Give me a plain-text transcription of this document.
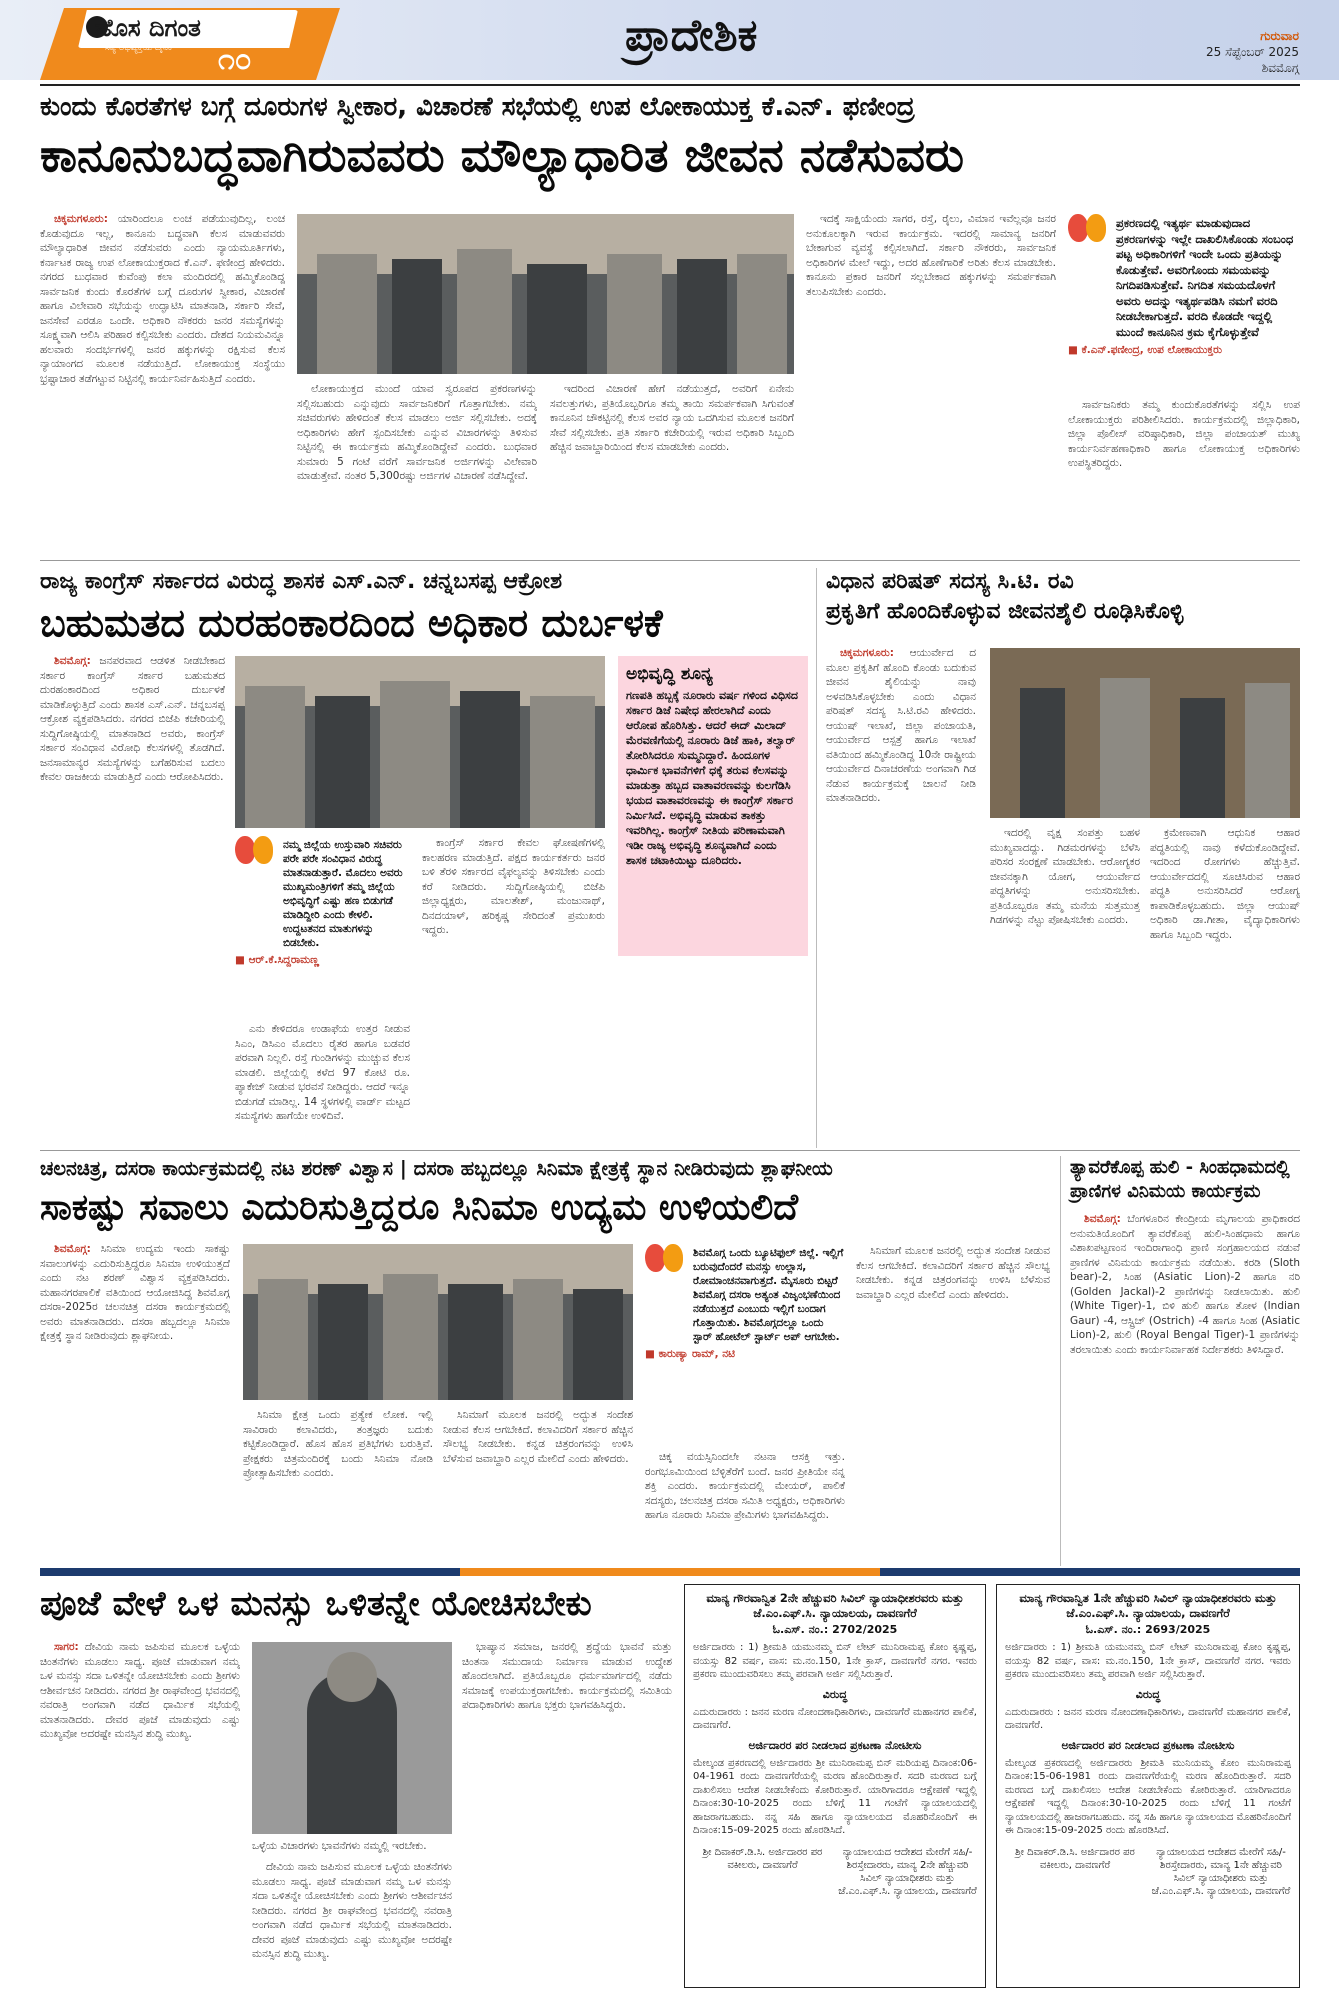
ಹೊಸ ದಿಗಂತ
ಸತ್ಯ ಅಭಿವ್ಯಕ್ತಿಯ ದೈನಿಕ ೧೦	ಪ್ರಾದೇಶಿಕ	ಗುರುವಾರ
25 ಸೆಪ್ಟೆಂಬರ್ 2025
ಶಿವಮೊಗ್ಗ
ಕುಂದು ಕೊರತೆಗಳ ಬಗ್ಗೆ ದೂರುಗಳ ಸ್ವೀಕಾರ, ವಿಚಾರಣೆ ಸಭೆಯಲ್ಲಿ ಉಪ ಲೋಕಾಯುಕ್ತ ಕೆ.ಎನ್. ಫಣೀಂದ್ರ
ಕಾನೂನುಬದ್ಧವಾಗಿರುವವರು ಮೌಲ್ಯಾಧಾರಿತ ಜೀವನ ನಡೆಸುವರು

ಚಿಕ್ಕಮಗಳೂರು: ಯಾರಿಂದಲೂ ಲಂಚ ಪಡೆಯುವುದಿಲ್ಲ, ಲಂಚ ಕೊಡುವುದೂ ಇಲ್ಲ, ಕಾನೂನು ಬದ್ಧವಾಗಿ ಕೆಲಸ ಮಾಡುವವರು ಮೌಲ್ಯಾಧಾರಿತ ಜೀವನ ನಡೆಸುವರು ಎಂದು ನ್ಯಾಯಮೂರ್ತಿಗಳು, ಕರ್ನಾಟಕ ರಾಜ್ಯ ಉಪ ಲೋಕಾಯುಕ್ತರಾದ ಕೆ.ಎನ್. ಫಣೀಂದ್ರ ಹೇಳಿದರು. ನಗರದ ಬುಧವಾರ ಕುವೆಂಪು ಕಲಾ ಮಂದಿರದಲ್ಲಿ ಹಮ್ಮಿಕೊಂಡಿದ್ದ ಸಾರ್ವಜನಿಕ ಕುಂದು ಕೊರತೆಗಳ ಬಗ್ಗೆ ದೂರುಗಳ ಸ್ವೀಕಾರ, ವಿಚಾರಣೆ ಹಾಗೂ ವಿಲೇವಾರಿ ಸಭೆಯನ್ನು ಉದ್ಘಾಟಿಸಿ ಮಾತನಾಡಿ, ಸರ್ಕಾರಿ ಸೇವೆ, ಜನಸೇವೆ ಎರಡೂ ಒಂದೇ. ಅಧಿಕಾರಿ ನೌಕರರು ಜನರ ಸಮಸ್ಯೆಗಳನ್ನು ಸೂಕ್ಷ್ಮವಾಗಿ ಆಲಿಸಿ ಪರಿಹಾರ ಕಲ್ಪಿಸಬೇಕು ಎಂದರು. ದೇಶದ ನಿಯಮವಿನ್ನೂ ಹಲವಾರು ಸಂದರ್ಭಗಳಲ್ಲಿ ಜನರ ಹಕ್ಕುಗಳನ್ನು ರಕ್ಷಿಸುವ ಕೆಲಸ ನ್ಯಾಯಾಂಗದ ಮೂಲಕ ನಡೆಯುತ್ತಿದೆ. ಲೋಕಾಯುಕ್ತ ಸಂಸ್ಥೆಯು ಭ್ರಷ್ಟಾಚಾರ ತಡೆಗಟ್ಟುವ ನಿಟ್ಟಿನಲ್ಲಿ ಕಾರ್ಯನಿರ್ವಹಿಸುತ್ತಿದೆ ಎಂದರು.

ಲೋಕಾಯುಕ್ತದ ಮುಂದೆ ಯಾವ ಸ್ವರೂಪದ ಪ್ರಕರಣಗಳನ್ನು ಸಲ್ಲಿಸಬಹುದು ಎನ್ನುವುದು ಸಾರ್ವಜನಿಕರಿಗೆ ಗೊತ್ತಾಗಬೇಕು. ನಮ್ಮ ಸಚಿವರುಗಳು ಹೇಳಿದಂತೆ ಕೆಲಸ ಮಾಡಲು ಅರ್ಜಿ ಸಲ್ಲಿಸಬೇಕು. ಅದಕ್ಕೆ ಅಧಿಕಾರಿಗಳು ಹೇಗೆ ಸ್ಪಂದಿಸಬೇಕು ಎನ್ನುವ ವಿಚಾರಗಳನ್ನು ತಿಳಿಸುವ ನಿಟ್ಟಿನಲ್ಲಿ ಈ ಕಾರ್ಯಕ್ರಮ ಹಮ್ಮಿಕೊಂಡಿದ್ದೇವೆ ಎಂದರು. ಬುಧವಾರ ಸುಮಾರು 5 ಗಂಟೆ ವರೆಗೆ ಸಾರ್ವಜನಿಕ ಅರ್ಜಿಗಳನ್ನು ವಿಲೇವಾರಿ ಮಾಡುತ್ತೇವೆ. ನಂತರ 5,300ರಷ್ಟು ಅರ್ಜಿಗಳ ವಿಚಾರಣೆ ನಡೆಸಿದ್ದೇವೆ.

ಇದರಿಂದ ವಿಚಾರಣೆ ಹೇಗೆ ನಡೆಯುತ್ತದೆ, ಅವರಿಗೆ ಏನೇನು ಸವಲತ್ತುಗಳು, ಪ್ರತಿಯೊಬ್ಬರಿಗೂ ತಮ್ಮ ತಾಯಿ ಸಮರ್ಪಕವಾಗಿ ಸಿಗುವಂತೆ ಕಾನೂನಿನ ಚೌಕಟ್ಟಿನಲ್ಲಿ ಕೆಲಸ ಅವರ ನ್ಯಾಯ ಒದಗಿಸುವ ಮೂಲಕ ಜನರಿಗೆ ಸೇವೆ ಸಲ್ಲಿಸಬೇಕು. ಪ್ರತಿ ಸರ್ಕಾರಿ ಕಚೇರಿಯಲ್ಲಿ ಇರುವ ಅಧಿಕಾರಿ ಸಿಬ್ಬಂದಿ ಹೆಚ್ಚಿನ ಜವಾಬ್ದಾರಿಯಿಂದ ಕೆಲಸ ಮಾಡಬೇಕು ಎಂದರು.

ಇದಕ್ಕೆ ಸಾಕ್ಷಿಯೆಂದು ಸಾಗರ, ರಸ್ತೆ, ರೈಲು, ವಿಮಾನ ಇವೆಲ್ಲವೂ ಜನರ ಅನುಕೂಲಕ್ಕಾಗಿ ಇರುವ ಕಾರ್ಯಕ್ರಮ. ಇದರಲ್ಲಿ ಸಾಮಾನ್ಯ ಜನರಿಗೆ ಬೇಕಾಗುವ ವ್ಯವಸ್ಥೆ ಕಲ್ಪಿಸಲಾಗಿದೆ. ಸರ್ಕಾರಿ ನೌಕರರು, ಸಾರ್ವಜನಿಕ ಅಧಿಕಾರಿಗಳ ಮೇಲೆ ಇದ್ದು, ಅದರ ಹೊಣೆಗಾರಿಕೆ ಅರಿತು ಕೆಲಸ ಮಾಡಬೇಕು. ಕಾನೂನು ಪ್ರಕಾರ ಜನರಿಗೆ ಸಲ್ಲಬೇಕಾದ ಹಕ್ಕುಗಳನ್ನು ಸಮರ್ಪಕವಾಗಿ ತಲುಪಿಸಬೇಕು ಎಂದರು.

ಪ್ರಕರಣದಲ್ಲಿ ಇತ್ಯರ್ಥ ಮಾಡುವುದಾದ ಪ್ರಕರಣಗಳನ್ನು ಇಲ್ಲೇ ದಾಖಲಿಸಿಕೊಂಡು ಸಂಬಂಧ ಪಟ್ಟ ಅಧಿಕಾರಿಗಳಿಗೆ ಇಂದೇ ಒಂದು ಪ್ರತಿಯನ್ನು ಕೊಡುತ್ತೇವೆ. ಅವರಿಗೊಂದು ಸಮಯವನ್ನು ನಿಗದಿಪಡಿಸುತ್ತೇವೆ. ನಿಗದಿತ ಸಮಯದೊಳಗೆ ಅವರು ಅದನ್ನು ಇತ್ಯರ್ಥಪಡಿಸಿ ನಮಗೆ ವರದಿ ನೀಡಬೇಕಾಗುತ್ತದೆ. ವರದಿ ಕೊಡದೇ ಇದ್ದಲ್ಲಿ ಮುಂದೆ ಕಾನೂನಿನ ಕ್ರಮ ಕೈಗೊಳ್ಳುತ್ತೇವೆ
■ ಕೆ.ಎನ್.ಫಣೀಂದ್ರ, ಉಪ ಲೋಕಾಯುಕ್ತರು

ಸಾರ್ವಜನಿಕರು ತಮ್ಮ ಕುಂದುಕೊರತೆಗಳನ್ನು ಸಲ್ಲಿಸಿ ಉಪ ಲೋಕಾಯುಕ್ತರು ಪರಿಶೀಲಿಸಿದರು. ಕಾರ್ಯಕ್ರಮದಲ್ಲಿ ಜಿಲ್ಲಾಧಿಕಾರಿ, ಜಿಲ್ಲಾ ಪೊಲೀಸ್ ವರಿಷ್ಠಾಧಿಕಾರಿ, ಜಿಲ್ಲಾ ಪಂಚಾಯತ್ ಮುಖ್ಯ ಕಾರ್ಯನಿರ್ವಹಣಾಧಿಕಾರಿ ಹಾಗೂ ಲೋಕಾಯುಕ್ತ ಅಧಿಕಾರಿಗಳು ಉಪಸ್ಥಿತರಿದ್ದರು.

ರಾಜ್ಯ ಕಾಂಗ್ರೆಸ್ ಸರ್ಕಾರದ ವಿರುದ್ಧ ಶಾಸಕ ಎಸ್.ಎನ್. ಚನ್ನಬಸಪ್ಪ ಆಕ್ರೋಶ
ಬಹುಮತದ ದುರಹಂಕಾರದಿಂದ ಅಧಿಕಾರ ದುರ್ಬಳಕೆ

ಶಿವಮೊಗ್ಗ: ಜನಪರವಾದ ಆಡಳಿತ ನೀಡಬೇಕಾದ ಸರ್ಕಾರ ಕಾಂಗ್ರೆಸ್ ಸರ್ಕಾರ ಬಹುಮತದ ದುರಹಂಕಾರದಿಂದ ಅಧಿಕಾರ ದುರ್ಬಳಕೆ ಮಾಡಿಕೊಳ್ಳುತ್ತಿದೆ ಎಂದು ಶಾಸಕ ಎಸ್.ಎನ್. ಚನ್ನಬಸಪ್ಪ ಆಕ್ರೋಶ ವ್ಯಕ್ತಪಡಿಸಿದರು. ನಗರದ ಬಿಜೆಪಿ ಕಚೇರಿಯಲ್ಲಿ ಸುದ್ದಿಗೋಷ್ಠಿಯಲ್ಲಿ ಮಾತನಾಡಿದ ಅವರು, ಕಾಂಗ್ರೆಸ್ ಸರ್ಕಾರ ಸಂವಿಧಾನ ವಿರೋಧಿ ಕೆಲಸಗಳಲ್ಲಿ ತೊಡಗಿದೆ. ಜನಸಾಮಾನ್ಯರ ಸಮಸ್ಯೆಗಳನ್ನು ಬಗೆಹರಿಸುವ ಬದಲು ಕೇವಲ ರಾಜಕೀಯ ಮಾಡುತ್ತಿದೆ ಎಂದು ಆರೋಪಿಸಿದರು.

ನಮ್ಮ ಜಿಲ್ಲೆಯ ಉಸ್ತುವಾರಿ ಸಚಿವರು ಪರೇ ಪರೇ ಸಂವಿಧಾನ ವಿರುದ್ಧ ಮಾತನಾಡುತ್ತಾರೆ. ಮೊದಲು ಅವರು ಮುಖ್ಯಮಂತ್ರಿಗಳಿಗೆ ತಮ್ಮ ಜಿಲ್ಲೆಯ ಅಭಿವೃದ್ಧಿಗೆ ಎಷ್ಟು ಹಣ ಬಿಡುಗಡೆ ಮಾಡಿದ್ದೀರಿ ಎಂದು ಕೇಳಲಿ. ಉದ್ದಟತನದ ಮಾತುಗಳನ್ನು ಬಿಡಬೇಕು.
■ ಆರ್.ಕೆ.ಸಿದ್ದರಾಮಣ್ಣ

ಎನು ಕೇಳಿದರೂ ಉಡಾಫೆಯ ಉತ್ತರ ನೀಡುವ ಸಿಎಂ, ಡಿಸಿಎಂ ಮೊದಲು ರೈತರ ಹಾಗೂ ಬಡವರ ಪರವಾಗಿ ನಿಲ್ಲಲಿ. ರಸ್ತೆ ಗುಂಡಿಗಳನ್ನು ಮುಚ್ಚುವ ಕೆಲಸ ಮಾಡಲಿ. ಜಿಲ್ಲೆಯಲ್ಲಿ ಕಳೆದ 97 ಕೋಟಿ ರೂ. ಪ್ಯಾಕೇಜ್ ನೀಡುವ ಭರವಸೆ ನೀಡಿದ್ದರು. ಆದರೆ ಇನ್ನೂ ಬಿಡುಗಡೆ ಮಾಡಿಲ್ಲ. 14 ಸ್ಥಳಗಳಲ್ಲಿ ವಾರ್ಡ್ ಮಟ್ಟದ ಸಮಸ್ಯೆಗಳು ಹಾಗೆಯೇ ಉಳಿದಿವೆ.

ಕಾಂಗ್ರೆಸ್ ಸರ್ಕಾರ ಕೇವಲ ಘೋಷಣೆಗಳಲ್ಲಿ ಕಾಲಹರಣ ಮಾಡುತ್ತಿದೆ. ಪಕ್ಷದ ಕಾರ್ಯಕರ್ತರು ಜನರ ಬಳಿ ತೆರಳಿ ಸರ್ಕಾರದ ವೈಫಲ್ಯವನ್ನು ತಿಳಿಸಬೇಕು ಎಂದು ಕರೆ ನೀಡಿದರು. ಸುದ್ದಿಗೋಷ್ಠಿಯಲ್ಲಿ ಬಿಜೆಪಿ ಜಿಲ್ಲಾಧ್ಯಕ್ಷರು, ಮಾಲತೇಶ್, ಮಂಜುನಾಥ್, ದಿನದಯಾಳ್, ಹರಿಕೃಷ್ಣ ಸೇರಿದಂತೆ ಪ್ರಮುಖರು ಇದ್ದರು.

ಅಭಿವೃದ್ಧಿ ಶೂನ್ಯ
ಗಣಪತಿ ಹಬ್ಬಕ್ಕೆ ನೂರಾರು ವರ್ಷ ಗಳಿಂದ ವಿಧಿಸದ ಸರ್ಕಾರ ಡಿಜೆ ನಿಷೇಧ ಹೇರಲಾಗಿದೆ ಎಂದು ಆರೋಪ ಹೊರಿಸಿತ್ತು. ಆದರೆ ಈದ್ ಮಿಲಾದ್ ಮೆರವಣಿಗೆಯಲ್ಲಿ ನೂರಾರು ಡಿಜೆ ಹಾಕಿ, ತಲ್ವಾರ್ ತೋರಿಸಿದರೂ ಸುಮ್ಮನಿದ್ದಾರೆ. ಹಿಂದೂಗಳ ಧಾರ್ಮಿಕ ಭಾವನೆಗಳಿಗೆ ಧಕ್ಕೆ ತರುವ ಕೆಲಸವನ್ನು ಮಾಡುತ್ತಾ ಹಬ್ಬದ ವಾತಾವರಣವನ್ನು ಕುಲಗೆಡಿಸಿ ಭಯದ ವಾತಾವರಣವನ್ನು ಈ ಕಾಂಗ್ರೆಸ್ ಸರ್ಕಾರ ನಿರ್ಮಿಸಿದೆ. ಅಭಿವೃದ್ಧಿ ಮಾಡುವ ತಾಕತ್ತು ಇವರಿಗಿಲ್ಲ. ಕಾಂಗ್ರೆಸ್ ನೀತಿಯ ಪರಿಣಾಮವಾಗಿ ಇಡೀ ರಾಜ್ಯ ಅಭಿವೃದ್ಧಿ ಶೂನ್ಯವಾಗಿದೆ ಎಂದು ಶಾಸಕ ಚಟಾಕಿಯಿಟ್ಟು ದೂರಿದರು.
ವಿಧಾನ ಪರಿಷತ್ ಸದಸ್ಯ ಸಿ.ಟಿ. ರವಿ
ಪ್ರಕೃತಿಗೆ ಹೊಂದಿಕೊಳ್ಳುವ ಜೀವನಶೈಲಿ ರೂಢಿಸಿಕೊಳ್ಳಿ

ಚಿಕ್ಕಮಗಳೂರು: ಆಯುರ್ವೇದ ದ ಮೂಲ ಪ್ರಕೃತಿಗೆ ಹೊಂದಿ ಕೊಂಡು ಬದುಕುವ ಜೀವನ ಶೈಲಿಯನ್ನು ನಾವು ಅಳವಡಿಸಿಕೊಳ್ಳಬೇಕು ಎಂದು ವಿಧಾನ ಪರಿಷತ್ ಸದಸ್ಯ ಸಿ.ಟಿ.ರವಿ ಹೇಳಿದರು. ಆಯುಷ್ ಇಲಾಖೆ, ಜಿಲ್ಲಾ ಪಂಚಾಯತಿ, ಆಯುರ್ವೇದ ಆಸ್ಪತ್ರೆ ಹಾಗೂ ಇಲಾಖೆ ವತಿಯಿಂದ ಹಮ್ಮಿಕೊಂಡಿದ್ದ 10ನೇ ರಾಷ್ಟ್ರೀಯ ಆಯುರ್ವೇದ ದಿನಾಚರಣೆಯ ಅಂಗವಾಗಿ ಗಿಡ ನೆಡುವ ಕಾರ್ಯಕ್ರಮಕ್ಕೆ ಚಾಲನೆ ನೀಡಿ ಮಾತನಾಡಿದರು.

ಇದರಲ್ಲಿ ವೃಕ್ಷ ಸಂಪತ್ತು ಬಹಳ ಮುಖ್ಯವಾದದ್ದು. ಗಿಡಮರಗಳನ್ನು ಬೆಳೆಸಿ ಪರಿಸರ ಸಂರಕ್ಷಣೆ ಮಾಡಬೇಕು. ಆರೋಗ್ಯಕರ ಜೀವನಕ್ಕಾಗಿ ಯೋಗ, ಆಯುರ್ವೇದ ಪದ್ಧತಿಗಳನ್ನು ಅನುಸರಿಸಬೇಕು. ಪ್ರತಿಯೊಬ್ಬರೂ ತಮ್ಮ ಮನೆಯ ಸುತ್ತಮುತ್ತ ಗಿಡಗಳನ್ನು ನೆಟ್ಟು ಪೋಷಿಸಬೇಕು ಎಂದರು.

ಕ್ರಮೇಣವಾಗಿ ಆಧುನಿಕ ಆಹಾರ ಪದ್ಧತಿಯಲ್ಲಿ ನಾವು ಕಳೆದುಕೊಂಡಿದ್ದೇವೆ. ಇದರಿಂದ ರೋಗಗಳು ಹೆಚ್ಚುತ್ತಿವೆ. ಆಯುರ್ವೇದದಲ್ಲಿ ಸೂಚಿಸಿರುವ ಆಹಾರ ಪದ್ಧತಿ ಅನುಸರಿಸಿದರೆ ಆರೋಗ್ಯ ಕಾಪಾಡಿಕೊಳ್ಳಬಹುದು. ಜಿಲ್ಲಾ ಆಯುಷ್ ಅಧಿಕಾರಿ ಡಾ.ಗೀತಾ, ವೈದ್ಯಾಧಿಕಾರಿಗಳು ಹಾಗೂ ಸಿಬ್ಬಂದಿ ಇದ್ದರು.

ಚಲನಚಿತ್ರ, ದಸರಾ ಕಾರ್ಯಕ್ರಮದಲ್ಲಿ ನಟ ಶರಣ್ ವಿಶ್ವಾಸ | ದಸರಾ ಹಬ್ಬದಲ್ಲೂ ಸಿನಿಮಾ ಕ್ಷೇತ್ರಕ್ಕೆ ಸ್ಥಾನ ನೀಡಿರುವುದು ಶ್ಲಾಘನೀಯ
ಸಾಕಷ್ಟು ಸವಾಲು ಎದುರಿಸುತ್ತಿದ್ದರೂ ಸಿನಿಮಾ ಉದ್ಯಮ ಉಳಿಯಲಿದೆ

ಶಿವಮೊಗ್ಗ: ಸಿನಿಮಾ ಉದ್ಯಮ ಇಂದು ಸಾಕಷ್ಟು ಸವಾಲುಗಳನ್ನು ಎದುರಿಸುತ್ತಿದ್ದರೂ ಸಿನಿಮಾ ಉಳಿಯುತ್ತದೆ ಎಂದು ನಟ ಶರಣ್ ವಿಶ್ವಾಸ ವ್ಯಕ್ತಪಡಿಸಿದರು. ಮಹಾನಗರಪಾಲಿಕೆ ವತಿಯಿಂದ ಆಯೋಜಿಸಿದ್ದ ಶಿವಮೊಗ್ಗ ದಸರಾ-2025ರ ಚಲನಚಿತ್ರ ದಸರಾ ಕಾರ್ಯಕ್ರಮದಲ್ಲಿ ಅವರು ಮಾತನಾಡಿದರು. ದಸರಾ ಹಬ್ಬದಲ್ಲೂ ಸಿನಿಮಾ ಕ್ಷೇತ್ರಕ್ಕೆ ಸ್ಥಾನ ನೀಡಿರುವುದು ಶ್ಲಾಘನೀಯ.

ಸಿನಿಮಾ ಕ್ಷೇತ್ರ ಒಂದು ಪ್ರತ್ಯೇಕ ಲೋಕ. ಇಲ್ಲಿ ಸಾವಿರಾರು ಕಲಾವಿದರು, ತಂತ್ರಜ್ಞರು ಬದುಕು ಕಟ್ಟಿಕೊಂಡಿದ್ದಾರೆ. ಹೊಸ ಹೊಸ ಪ್ರತಿಭೆಗಳು ಬರುತ್ತಿವೆ. ಪ್ರೇಕ್ಷಕರು ಚಿತ್ರಮಂದಿರಕ್ಕೆ ಬಂದು ಸಿನಿಮಾ ನೋಡಿ ಪ್ರೋತ್ಸಾಹಿಸಬೇಕು ಎಂದರು.

ಸಿನಿಮಾಗೆ ಮೂಲಕ ಜನರಲ್ಲಿ ಅದ್ಭುತ ಸಂದೇಶ ನೀಡುವ ಕೆಲಸ ಆಗಬೇಕಿದೆ. ಕಲಾವಿದರಿಗೆ ಸರ್ಕಾರ ಹೆಚ್ಚಿನ ಸೌಲಭ್ಯ ನೀಡಬೇಕು. ಕನ್ನಡ ಚಿತ್ರರಂಗವನ್ನು ಉಳಿಸಿ ಬೆಳೆಸುವ ಜವಾಬ್ದಾರಿ ಎಲ್ಲರ ಮೇಲಿದೆ ಎಂದು ಹೇಳಿದರು.

ಶಿವಮೊಗ್ಗ ಒಂದು ಬ್ಯೂಟಿಫುಲ್ ಜಿಲ್ಲೆ. ಇಲ್ಲಿಗೆ ಬರುವುದೆಂದರೆ ಮನಸ್ಸು ಉಲ್ಲಾಸ, ರೋಮಾಂಚನವಾಗುತ್ತದೆ. ಮೈಸೂರು ಬಿಟ್ಟರೆ ಶಿವಮೊಗ್ಗ ದಸರಾ ಅತ್ಯಂತ ವಿಜೃಂಭಣೆಯಿಂದ ನಡೆಯುತ್ತದೆ ಎಂಬುದು ಇಲ್ಲಿಗೆ ಬಂದಾಗ ಗೊತ್ತಾಯಿತು. ಶಿವಮೊಗ್ಗದಲ್ಲೂ ಒಂದು ಸ್ಟಾರ್ ಹೋಟೆಲ್ ಸ್ಟಾರ್ಟ್ ಅಪ್ ಆಗಬೇಕು.
■ ಕಾರುಣ್ಯಾ ರಾಮ್, ನಟಿ

ಚಿಕ್ಕ ವಯಸ್ಸಿನಿಂದಲೇ ನಟನಾ ಆಸಕ್ತಿ ಇತ್ತು. ರಂಗಭೂಮಿಯಿಂದ ಬೆಳ್ಳಿತೆರೆಗೆ ಬಂದೆ. ಜನರ ಪ್ರೀತಿಯೇ ನನ್ನ ಶಕ್ತಿ ಎಂದರು. ಕಾರ್ಯಕ್ರಮದಲ್ಲಿ ಮೇಯರ್, ಪಾಲಿಕೆ ಸದಸ್ಯರು, ಚಲನಚಿತ್ರ ದಸರಾ ಸಮಿತಿ ಅಧ್ಯಕ್ಷರು, ಅಧಿಕಾರಿಗಳು ಹಾಗೂ ನೂರಾರು ಸಿನಿಮಾ ಪ್ರೇಮಿಗಳು ಭಾಗವಹಿಸಿದ್ದರು.

ಸಿನಿಮಾಗೆ ಮೂಲಕ ಜನರಲ್ಲಿ ಅದ್ಭುತ ಸಂದೇಶ ನೀಡುವ ಕೆಲಸ ಆಗಬೇಕಿದೆ. ಕಲಾವಿದರಿಗೆ ಸರ್ಕಾರ ಹೆಚ್ಚಿನ ಸೌಲಭ್ಯ ನೀಡಬೇಕು. ಕನ್ನಡ ಚಿತ್ರರಂಗವನ್ನು ಉಳಿಸಿ ಬೆಳೆಸುವ ಜವಾಬ್ದಾರಿ ಎಲ್ಲರ ಮೇಲಿದೆ ಎಂದು ಹೇಳಿದರು.

ತ್ಯಾವರೆಕೊಪ್ಪ ಹುಲಿ - ಸಿಂಹಧಾಮದಲ್ಲಿ ಪ್ರಾಣಿಗಳ ವಿನಿಮಯ ಕಾರ್ಯಕ್ರಮ

ಶಿವಮೊಗ್ಗ: ಬೆಂಗಳೂರಿನ ಕೇಂದ್ರೀಯ ಮೃಗಾಲಯ ಪ್ರಾಧಿಕಾರದ ಅನುಮತಿಯೊಂದಿಗೆ ತ್ಯಾವರೆಕೊಪ್ಪ ಹುಲಿ-ಸಿಂಹಧಾಮ ಹಾಗೂ ವಿಶಾಖಪಟ್ಟಣಂನ ಇಂದಿರಾಗಾಂಧಿ ಪ್ರಾಣಿ ಸಂಗ್ರಹಾಲಯದ ನಡುವೆ ಪ್ರಾಣಿಗಳ ವಿನಿಮಯ ಕಾರ್ಯಕ್ರಮ ನಡೆಯಿತು. ಕರಡಿ (Sloth bear)-2, ಸಿಂಹ (Asiatic Lion)-2 ಹಾಗೂ ನರಿ (Golden Jackal)-2 ಪ್ರಾಣಿಗಳನ್ನು ನೀಡಲಾಯಿತು. ಹುಲಿ (White Tiger)-1, ಬಿಳಿ ಹುಲಿ ಹಾಗೂ ತೋಳ (Indian Gaur) -4, ಆಸ್ಟ್ರಿಚ್ (Ostrich) -4 ಹಾಗೂ ಸಿಂಹ (Asiatic Lion)-2, ಹುಲಿ (Royal Bengal Tiger)-1 ಪ್ರಾಣಿಗಳನ್ನು ತರಲಾಯಿತು ಎಂದು ಕಾರ್ಯನಿರ್ವಾಹಕ ನಿರ್ದೇಶಕರು ತಿಳಿಸಿದ್ದಾರೆ.

ಪೂಜೆ ವೇಳೆ ಒಳ ಮನಸ್ಸು ಒಳಿತನ್ನೇ ಯೋಚಿಸಬೇಕು

ಸಾಗರ: ದೇವಿಯ ನಾಮ ಜಪಿಸುವ ಮೂಲಕ ಒಳ್ಳೆಯ ಚಿಂತನೆಗಳು ಮೂಡಲು ಸಾಧ್ಯ. ಪೂಜೆ ಮಾಡುವಾಗ ನಮ್ಮ ಒಳ ಮನಸ್ಸು ಸದಾ ಒಳಿತನ್ನೇ ಯೋಚಿಸಬೇಕು ಎಂದು ಶ್ರೀಗಳು ಆಶೀರ್ವಚನ ನೀಡಿದರು. ನಗರದ ಶ್ರೀ ರಾಘವೇಂದ್ರ ಭವನದಲ್ಲಿ ನವರಾತ್ರಿ ಅಂಗವಾಗಿ ನಡೆದ ಧಾರ್ಮಿಕ ಸಭೆಯಲ್ಲಿ ಮಾತನಾಡಿದರು. ದೇವರ ಪೂಜೆ ಮಾಡುವುದು ಎಷ್ಟು ಮುಖ್ಯವೋ ಅದರಷ್ಟೇ ಮನಸ್ಸಿನ ಶುದ್ಧಿ ಮುಖ್ಯ.

ಒಳ್ಳೆಯ ವಿಚಾರಗಳು ಭಾವನೆಗಳು ನಮ್ಮಲ್ಲಿ ಇರಬೇಕು.

ದೇವಿಯ ನಾಮ ಜಪಿಸುವ ಮೂಲಕ ಒಳ್ಳೆಯ ಚಿಂತನೆಗಳು ಮೂಡಲು ಸಾಧ್ಯ. ಪೂಜೆ ಮಾಡುವಾಗ ನಮ್ಮ ಒಳ ಮನಸ್ಸು ಸದಾ ಒಳಿತನ್ನೇ ಯೋಚಿಸಬೇಕು ಎಂದು ಶ್ರೀಗಳು ಆಶೀರ್ವಚನ ನೀಡಿದರು. ನಗರದ ಶ್ರೀ ರಾಘವೇಂದ್ರ ಭವನದಲ್ಲಿ ನವರಾತ್ರಿ ಅಂಗವಾಗಿ ನಡೆದ ಧಾರ್ಮಿಕ ಸಭೆಯಲ್ಲಿ ಮಾತನಾಡಿದರು. ದೇವರ ಪೂಜೆ ಮಾಡುವುದು ಎಷ್ಟು ಮುಖ್ಯವೋ ಅದರಷ್ಟೇ ಮನಸ್ಸಿನ ಶುದ್ಧಿ ಮುಖ್ಯ.

ಭಾಷ್ಯಾನ ಸಮಾಜ, ಜನರಲ್ಲಿ ಶ್ರದ್ಧೆಯ ಭಾವನೆ ಮತ್ತು ಚಿಂತನಾ ಸಮುದಾಯ ನಿರ್ಮಾಣ ಮಾಡುವ ಉದ್ದೇಶ ಹೊಂದಲಾಗಿದೆ. ಪ್ರತಿಯೊಬ್ಬರೂ ಧರ್ಮಮಾರ್ಗದಲ್ಲಿ ನಡೆದು ಸಮಾಜಕ್ಕೆ ಉಪಯುಕ್ತರಾಗಬೇಕು. ಕಾರ್ಯಕ್ರಮದಲ್ಲಿ ಸಮಿತಿಯ ಪದಾಧಿಕಾರಿಗಳು ಹಾಗೂ ಭಕ್ತರು ಭಾಗವಹಿಸಿದ್ದರು.

ಮಾನ್ಯ ಗೌರವಾನ್ವಿತ 2ನೇ ಹೆಚ್ಚುವರಿ ಸಿವಿಲ್ ನ್ಯಾಯಾಧೀಶರವರು ಮತ್ತು ಜೆ.ಎಂ.ಎಫ್.ಸಿ. ನ್ಯಾಯಾಲಯ, ದಾವಣಗೆರೆ
ಓ.ಎಸ್. ನಂ.: 2702/2025
ಅರ್ಜಿದಾರರು : 1) ಶ್ರೀಮತಿ ಯಮುನಮ್ಮ ಬಿನ್ ಲೇಟ್ ಮುನಿರಾಮಪ್ಪ ಕೋಂ ಕೃಷ್ಣಪ್ಪ, ವಯಸ್ಸು 82 ವರ್ಷ, ವಾಸ: ಮ.ನಂ.150, 1ನೇ ಕ್ರಾಸ್, ದಾವಣಗೆರೆ ನಗರ. ಇವರು ಪ್ರಕರಣ ಮುಂದುವರಿಸಲು ತಮ್ಮ ಪರವಾಗಿ ಅರ್ಜಿ ಸಲ್ಲಿಸಿರುತ್ತಾರೆ.
ವಿರುದ್ಧ
ಎದುರುದಾರರು : ಜನನ ಮರಣ ನೋಂದಣಾಧಿಕಾರಿಗಳು, ದಾವಣಗೆರೆ ಮಹಾನಗರ ಪಾಲಿಕೆ, ದಾವಣಗೆರೆ.
ಅರ್ಜಿದಾರರ ಪರ ನೀಡಲಾದ ಪ್ರಕಟಣಾ ನೋಟೀಸು
ಮೇಲ್ಕಂಡ ಪ್ರಕರಣದಲ್ಲಿ ಅರ್ಜಿದಾರರು ಶ್ರೀ ಮುನಿರಾಮಪ್ಪ ಬಿನ್ ಮರಿಯಪ್ಪ ದಿನಾಂಕ:06-04-1961 ರಂದು ದಾವಣಗೆರೆಯಲ್ಲಿ ಮರಣ ಹೊಂದಿರುತ್ತಾರೆ. ಸದರಿ ಮರಣದ ಬಗ್ಗೆ ದಾಖಲಿಸಲು ಆದೇಶ ನೀಡಬೇಕೆಂದು ಕೋರಿರುತ್ತಾರೆ. ಯಾರಿಗಾದರೂ ಆಕ್ಷೇಪಣೆ ಇದ್ದಲ್ಲಿ ದಿನಾಂಕ:30-10-2025 ರಂದು ಬೆಳಿಗ್ಗೆ 11 ಗಂಟೆಗೆ ನ್ಯಾಯಾಲಯದಲ್ಲಿ ಹಾಜರಾಗಬಹುದು. ನನ್ನ ಸಹಿ ಹಾಗೂ ನ್ಯಾಯಾಲಯದ ಮೊಹರಿನೊಂದಿಗೆ ಈ ದಿನಾಂಕ:15-09-2025 ರಂದು ಹೊರಡಿಸಿದೆ.
ಶ್ರೀ ದಿವಾಕರ್.ಡಿ.ಸಿ. ಅರ್ಜಿದಾರರ ಪರ ವಕೀಲರು, ದಾವಣಗೆರೆ
ನ್ಯಾಯಾಲಯದ ಆದೇಶದ ಮೇರೆಗೆ ಸಹಿ/-ಶಿರಸ್ತೇದಾರರು, ಮಾನ್ಯ 2ನೇ ಹೆಚ್ಚುವರಿ ಸಿವಿಲ್ ನ್ಯಾಯಾಧೀಶರು ಮತ್ತು ಜೆ.ಎಂ.ಎಫ್.ಸಿ. ನ್ಯಾಯಾಲಯ, ದಾವಣಗೆರೆ
ಮಾನ್ಯ ಗೌರವಾನ್ವಿತ 1ನೇ ಹೆಚ್ಚುವರಿ ಸಿವಿಲ್ ನ್ಯಾಯಾಧೀಶರವರು ಮತ್ತು ಜೆ.ಎಂ.ಎಫ್.ಸಿ. ನ್ಯಾಯಾಲಯ, ದಾವಣಗೆರೆ
ಓ.ಎಸ್. ನಂ.: 2693/2025
ಅರ್ಜಿದಾರರು : 1) ಶ್ರೀಮತಿ ಯಮುನಮ್ಮ ಬಿನ್ ಲೇಟ್ ಮುನಿರಾಮಪ್ಪ ಕೋಂ ಕೃಷ್ಣಪ್ಪ, ವಯಸ್ಸು 82 ವರ್ಷ, ವಾಸ: ಮ.ನಂ.150, 1ನೇ ಕ್ರಾಸ್, ದಾವಣಗೆರೆ ನಗರ. ಇವರು ಪ್ರಕರಣ ಮುಂದುವರಿಸಲು ತಮ್ಮ ಪರವಾಗಿ ಅರ್ಜಿ ಸಲ್ಲಿಸಿರುತ್ತಾರೆ.
ವಿರುದ್ಧ
ಎದುರುದಾರರು : ಜನನ ಮರಣ ನೋಂದಣಾಧಿಕಾರಿಗಳು, ದಾವಣಗೆರೆ ಮಹಾನಗರ ಪಾಲಿಕೆ, ದಾವಣಗೆರೆ.
ಅರ್ಜಿದಾರರ ಪರ ನೀಡಲಾದ ಪ್ರಕಟಣಾ ನೋಟೀಸು
ಮೇಲ್ಕಂಡ ಪ್ರಕರಣದಲ್ಲಿ ಅರ್ಜಿದಾರರು ಶ್ರೀಮತಿ ಮುನಿಯಮ್ಮ ಕೋಂ ಮುನಿರಾಮಪ್ಪ ದಿನಾಂಕ:15-06-1981 ರಂದು ದಾವಣಗೆರೆಯಲ್ಲಿ ಮರಣ ಹೊಂದಿರುತ್ತಾರೆ. ಸದರಿ ಮರಣದ ಬಗ್ಗೆ ದಾಖಲಿಸಲು ಆದೇಶ ನೀಡಬೇಕೆಂದು ಕೋರಿರುತ್ತಾರೆ. ಯಾರಿಗಾದರೂ ಆಕ್ಷೇಪಣೆ ಇದ್ದಲ್ಲಿ ದಿನಾಂಕ:30-10-2025 ರಂದು ಬೆಳಿಗ್ಗೆ 11 ಗಂಟೆಗೆ ನ್ಯಾಯಾಲಯದಲ್ಲಿ ಹಾಜರಾಗಬಹುದು. ನನ್ನ ಸಹಿ ಹಾಗೂ ನ್ಯಾಯಾಲಯದ ಮೊಹರಿನೊಂದಿಗೆ ಈ ದಿನಾಂಕ:15-09-2025 ರಂದು ಹೊರಡಿಸಿದೆ.
ಶ್ರೀ ದಿವಾಕರ್.ಡಿ.ಸಿ. ಅರ್ಜಿದಾರರ ಪರ ವಕೀಲರು, ದಾವಣಗೆರೆ
ನ್ಯಾಯಾಲಯದ ಆದೇಶದ ಮೇರೆಗೆ ಸಹಿ/-ಶಿರಸ್ತೇದಾರರು, ಮಾನ್ಯ 1ನೇ ಹೆಚ್ಚುವರಿ ಸಿವಿಲ್ ನ್ಯಾಯಾಧೀಶರು ಮತ್ತು ಜೆ.ಎಂ.ಎಫ್.ಸಿ. ನ್ಯಾಯಾಲಯ, ದಾವಣಗೆರೆ
